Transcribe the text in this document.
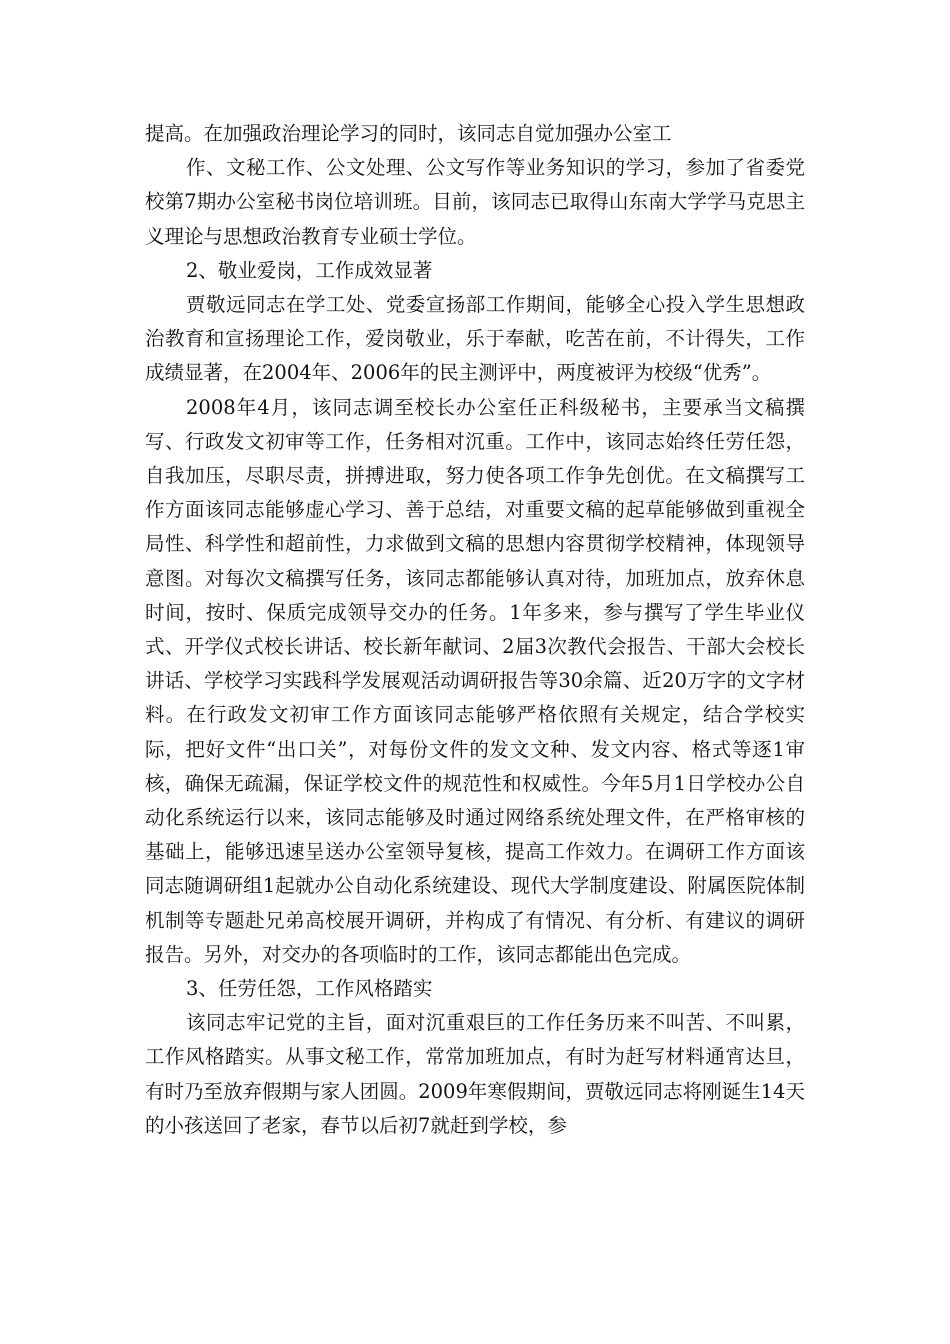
提高。在加强政治理论学习的同时，该同志自觉加强办公室工

作、文秘工作、公文处理、公文写作等业务知识的学习，参加了省委党校第7期办公室秘书岗位培训班。目前，该同志已取得山东南大学学马克思主义理论与思想政治教育专业硕士学位。

2、敬业爱岗，工作成效显著

贾敬远同志在学工处、党委宣扬部工作期间，能够全心投入学生思想政治教育和宣扬理论工作，爱岗敬业，乐于奉献，吃苦在前，不计得失，工作成绩显著，在2004年、2006年的民主测评中，两度被评为校级“优秀”。

2008年4月，该同志调至校长办公室任正科级秘书，主要承当文稿撰写、行政发文初审等工作，任务相对沉重。工作中，该同志始终任劳任怨，自我加压，尽职尽责，拼搏进取，努力使各项工作争先创优。在文稿撰写工作方面该同志能够虚心学习、善于总结，对重要文稿的起草能够做到重视全局性、科学性和超前性，力求做到文稿的思想内容贯彻学校精神，体现领导意图。对每次文稿撰写任务，该同志都能够认真对待，加班加点，放弃休息时间，按时、保质完成领导交办的任务。1年多来，参与撰写了学生毕业仪式、开学仪式校长讲话、校长新年献词、2届3次教代会报告、干部大会校长讲话、学校学习实践科学发展观活动调研报告等30余篇、近20万字的文字材料。在行政发文初审工作方面该同志能够严格依照有关规定，结合学校实际，把好文件“出口关”，对每份文件的发文文种、发文内容、格式等逐1审核，确保无疏漏，保证学校文件的规范性和权威性。今年5月1日学校办公自动化系统运行以来，该同志能够及时通过网络系统处理文件，在严格审核的基础上，能够迅速呈送办公室领导复核，提高工作效力。在调研工作方面该同志随调研组1起就办公自动化系统建设、现代大学制度建设、附属医院体制机制等专题赴兄弟高校展开调研，并构成了有情况、有分析、有建议的调研报告。另外，对交办的各项临时的工作，该同志都能出色完成。

3、任劳任怨，工作风格踏实

该同志牢记党的主旨，面对沉重艰巨的工作任务历来不叫苦、不叫累，工作风格踏实。从事文秘工作，常常加班加点，有时为赶写材料通宵达旦，有时乃至放弃假期与家人团圆。2009年寒假期间，贾敬远同志将刚诞生14天的小孩送回了老家，春节以后初7就赶到学校，参
